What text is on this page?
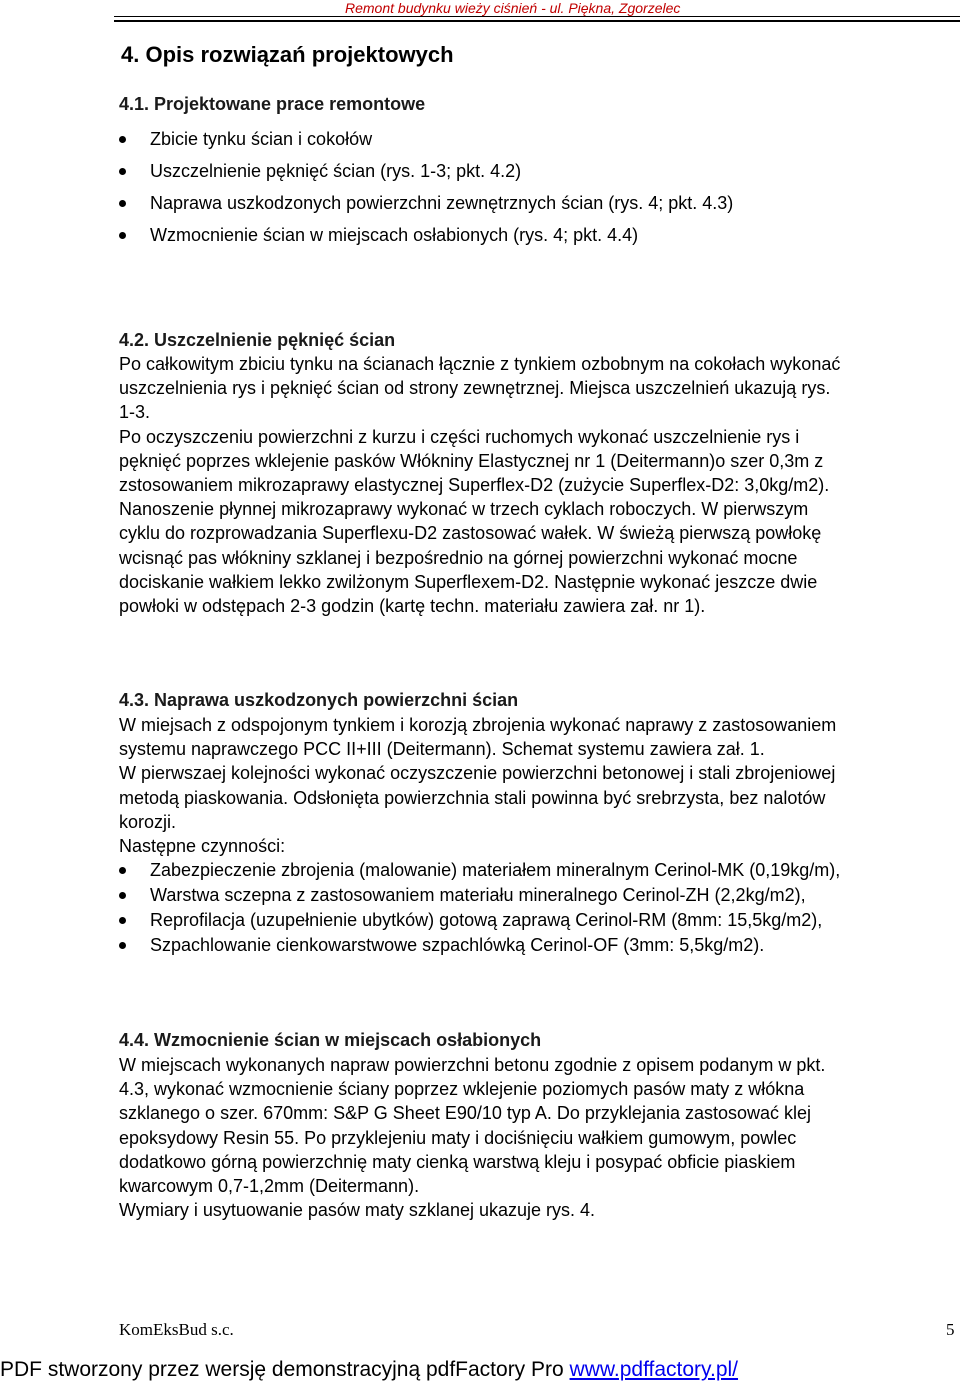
Remont budynku wieży ciśnień - ul. Piękna, Zgorzelec
4. Opis rozwiązań projektowych
4.1. Projektowane prace remontowe
Zbicie tynku ścian i cokołów
Uszczelnienie pęknięć ścian (rys. 1-3; pkt. 4.2)
Naprawa uszkodzonych powierzchni zewnętrznych ścian (rys. 4; pkt. 4.3)
Wzmocnienie ścian w miejscach osłabionych (rys. 4; pkt. 4.4)
4.2. Uszczelnienie pęknięć ścian
Po całkowitym zbiciu tynku na ścianach łącznie z tynkiem ozbobnym na cokołach wykonać
uszczelnienia rys i pęknięć ścian od strony zewnętrznej. Miejsca uszczelnień ukazują rys.
1-3.
Po oczyszczeniu powierzchni z kurzu i części ruchomych wykonać uszczelnienie rys i
pęknięć poprzes wklejenie pasków Włókniny Elastycznej nr 1 (Deitermann)o szer 0,3m z
zstosowaniem mikrozaprawy elastycznej Superflex-D2 (zużycie Superflex-D2: 3,0kg/m2).
Nanoszenie płynnej mikrozaprawy wykonać w trzech cyklach roboczych. W pierwszym
cyklu do rozprowadzania Superflexu-D2 zastosować wałek. W świeżą pierwszą powłokę
wcisnąć pas włókniny szklanej i bezpośrednio na górnej powierzchni wykonać mocne
dociskanie wałkiem lekko zwilżonym Superflexem-D2. Następnie wykonać jeszcze dwie
powłoki w odstępach 2-3 godzin (kartę techn. materiału zawiera zał. nr 1).
4.3. Naprawa uszkodzonych powierzchni ścian
W miejsach z odspojonym tynkiem i korozją zbrojenia wykonać naprawy z zastosowaniem
systemu naprawczego PCC II+III (Deitermann). Schemat systemu zawiera zał. 1.
W pierwszaej kolejności wykonać oczyszczenie powierzchni betonowej i stali zbrojeniowej
metodą piaskowania. Odsłonięta powierzchnia stali powinna być srebrzysta, bez nalotów
korozji.
Następne czynności:
Zabezpieczenie zbrojenia (malowanie) materiałem mineralnym Cerinol-MK (0,19kg/m),
Warstwa sczepna z zastosowaniem materiału mineralnego Cerinol-ZH (2,2kg/m2),
Reprofilacja (uzupełnienie ubytków) gotową zaprawą Cerinol-RM (8mm: 15,5kg/m2),
Szpachlowanie cienkowarstwowe szpachlówką Cerinol-OF (3mm: 5,5kg/m2).
4.4. Wzmocnienie ścian w miejscach osłabionych
W miejscach wykonanych napraw powierzchni betonu zgodnie z opisem podanym w pkt.
4.3, wykonać wzmocnienie ściany poprzez wklejenie poziomych pasów maty z włókna
szklanego o szer. 670mm: S&P G Sheet E90/10 typ A. Do przyklejania zastosować klej
epoksydowy Resin 55. Po przyklejeniu maty i dociśnięciu wałkiem gumowym, powlec
dodatkowo górną powierzchnię maty cienką warstwą kleju i posypać obficie piaskiem
kwarcowym 0,7-1,2mm (Deitermann).
Wymiary i usytuowanie pasów maty szklanej ukazuje rys. 4.
KomEksBud s.c.	5
PDF stworzony przez wersję demonstracyjną pdfFactory Pro www.pdffactory.pl/
